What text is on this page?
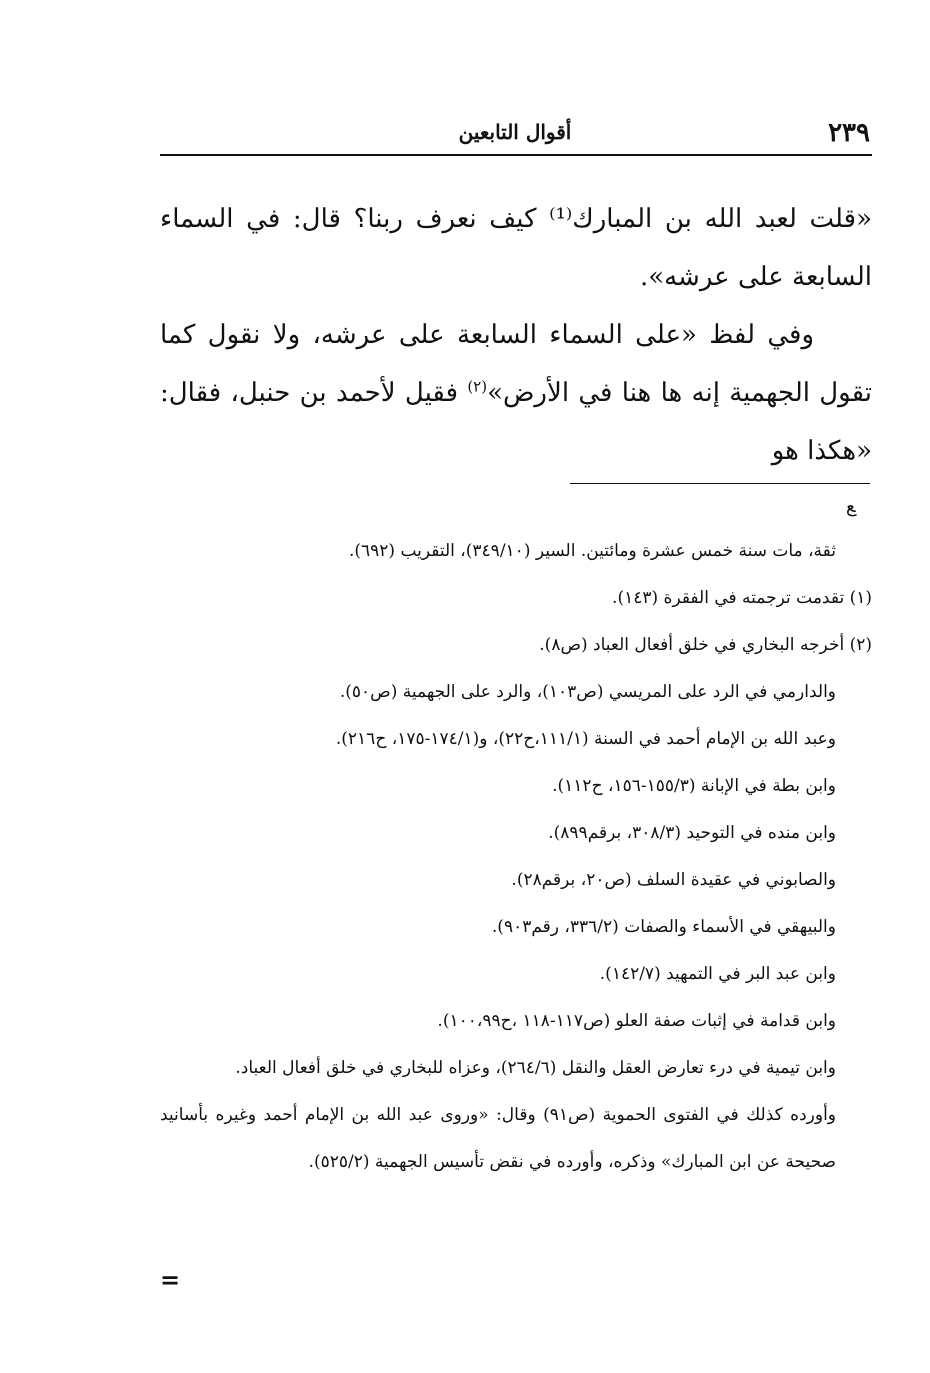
٢٣٩
أقوال التابعين

«قلت لعبد الله بن المبارك⁽¹⁾ كيف نعرف ربنا؟ قال: في السماء السابعة على عرشه».

وفي لفظ «على السماء السابعة على عرشه، ولا نقول كما تقول الجهمية إنه ها هنا في الأرض»$^{(٢)}$ فقيل لأحمد بن حنبل، فقال: «هكذا هو

ﻊ

ثقة، مات سنة خمس عشرة ومائتين. السير (٣٤٩/١٠)، التقريب (٦٩٢).

(١) تقدمت ترجمته في الفقرة (١٤٣).

(٢) أخرجه البخاري في خلق أفعال العباد (ص٨).

والدارمي في الرد على المريسي (ص١٠٣)، والرد على الجهمية (ص٥٠).

وعبد الله بن الإمام أحمد في السنة (١١١/١،ح٢٢)، و(١٧٤/١-١٧٥، ح٢١٦).

وابن بطة في الإبانة (١٥٥/٣-١٥٦، ح١١٢).

وابن منده في التوحيد (٣٠٨/٣، برقم٨٩٩).

والصابوني في عقيدة السلف (ص٢٠، برقم٢٨).

والبيهقي في الأسماء والصفات (٣٣٦/٢، رقم٩٠٣).

وابن عبد البر في التمهيد (١٤٢/٧).

وابن قدامة في إثبات صفة العلو (ص١١٧-١١٨ ،ح١٠٠،٩٩).

وابن تيمية في درء تعارض العقل والنقل (٢٦٤/٦)، وعزاه للبخاري في خلق أفعال العباد.

وأورده كذلك في الفتوى الحموية (ص٩١) وقال: «وروى عبد الله بن الإمام أحمد وغيره بأسانيد صحيحة عن ابن المبارك» وذكره، وأورده في نقض تأسيس الجهمية (٥٢٥/٢).

=
